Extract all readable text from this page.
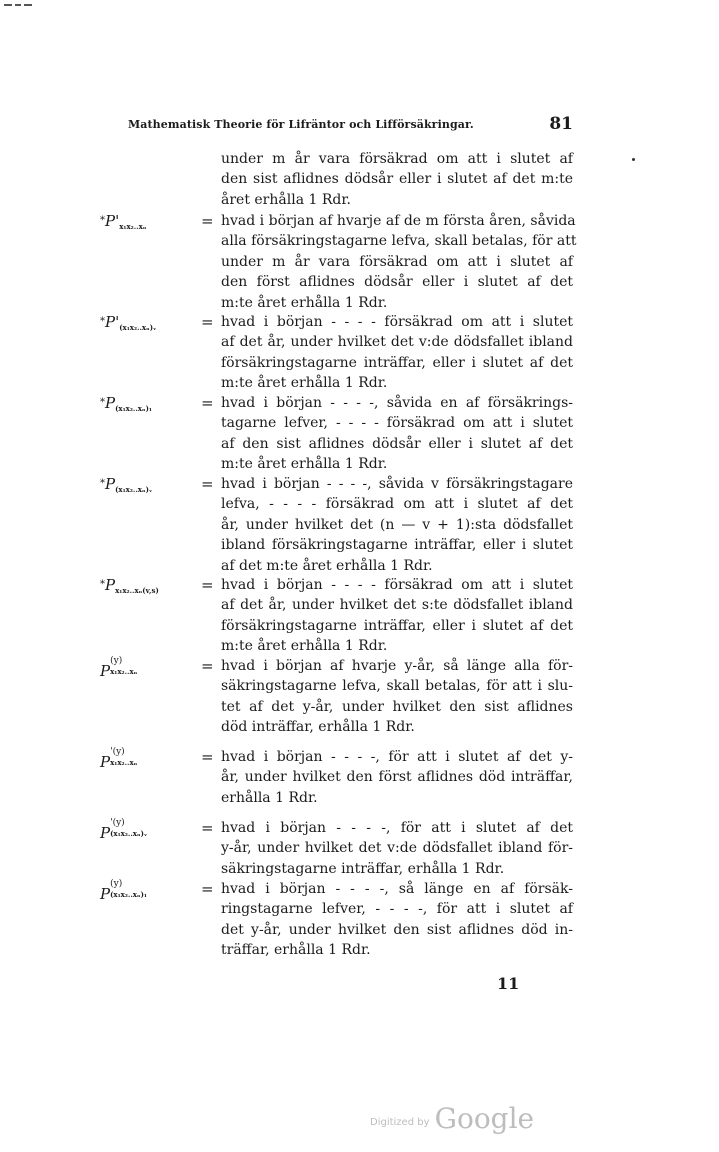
Mathematisk Theorie för Lifräntor och Lifförsäkringar.	81
under m år vara försäkrad om att i slutet af
den sist aflidnes dödsår eller i slutet af det m:te
året erhålla 1 Rdr.
$^*P'_{x_1x_2..x_n}$	= hvad i början af hvarje af de m första åren, såvida
alla försäkringstagarne lefva, skall betalas, för att
under m år vara försäkrad om att i slutet af
den först aflidnes dödsår eller i slutet af det
m:te året erhålla 1 Rdr.
$^*P'_{(x_1x_2..x_n)ᵥ}$	= hvad i början - - - - försäkrad om att i slutet
af det år, under hvilket det v:de dödsfallet ibland
försäkringstagarne inträffar, eller i slutet af det
m:te året erhålla 1 Rdr.
$^*P_{(x_1x_2..x_n)_1}$	= hvad i början - - - -, såvida en af försäkrings-
tagarne lefver, - - - - försäkrad om att i slutet
af den sist aflidnes dödsår eller i slutet af det
m:te året erhålla 1 Rdr.
$^*P_{(x_1x_2..x_n)ᵥ}$	= hvad i början - - - -, såvida v försäkringstagare
lefva, - - - - försäkrad om att i slutet af det
år, under hvilket det (n — v + 1):sta dödsfallet
ibland försäkringstagarne inträffar, eller i slutet
af det m:te året erhålla 1 Rdr.
$^*P_{x_1x_2..x_n(v,s)}$	= hvad i början - - - - försäkrad om att i slutet
af det år, under hvilket det s:te dödsfallet ibland
försäkringstagarne inträffar, eller i slutet af det
m:te året erhålla 1 Rdr.
P
(y)
x₁x₂..xₙ	= hvad i början af hvarje y-år, så länge alla för-
säkringstagarne lefva, skall betalas, för att i slu-
tet af det y-år, under hvilket den sist aflidnes
död inträffar, erhålla 1 Rdr.
P
'(y)
x₁x₂..xₙ	= hvad i början - - - -, för att i slutet af det y-
år, under hvilket den först aflidnes död inträffar,
erhålla 1 Rdr.
P
'(y)
(x₁x₂..xₙ)ᵥ	= hvad i början - - - -, för att i slutet af det
y-år, under hvilket det v:de dödsfallet ibland för-
säkringstagarne inträffar, erhålla 1 Rdr.
P
(y)
(x₁x₂..xₙ)₁	= hvad i början - - - -, så länge en af försäk-
ringstagarne lefver, - - - -, för att i slutet af
det y-år, under hvilket den sist aflidnes död in-
träffar, erhålla 1 Rdr.
11
Digitized by Google
